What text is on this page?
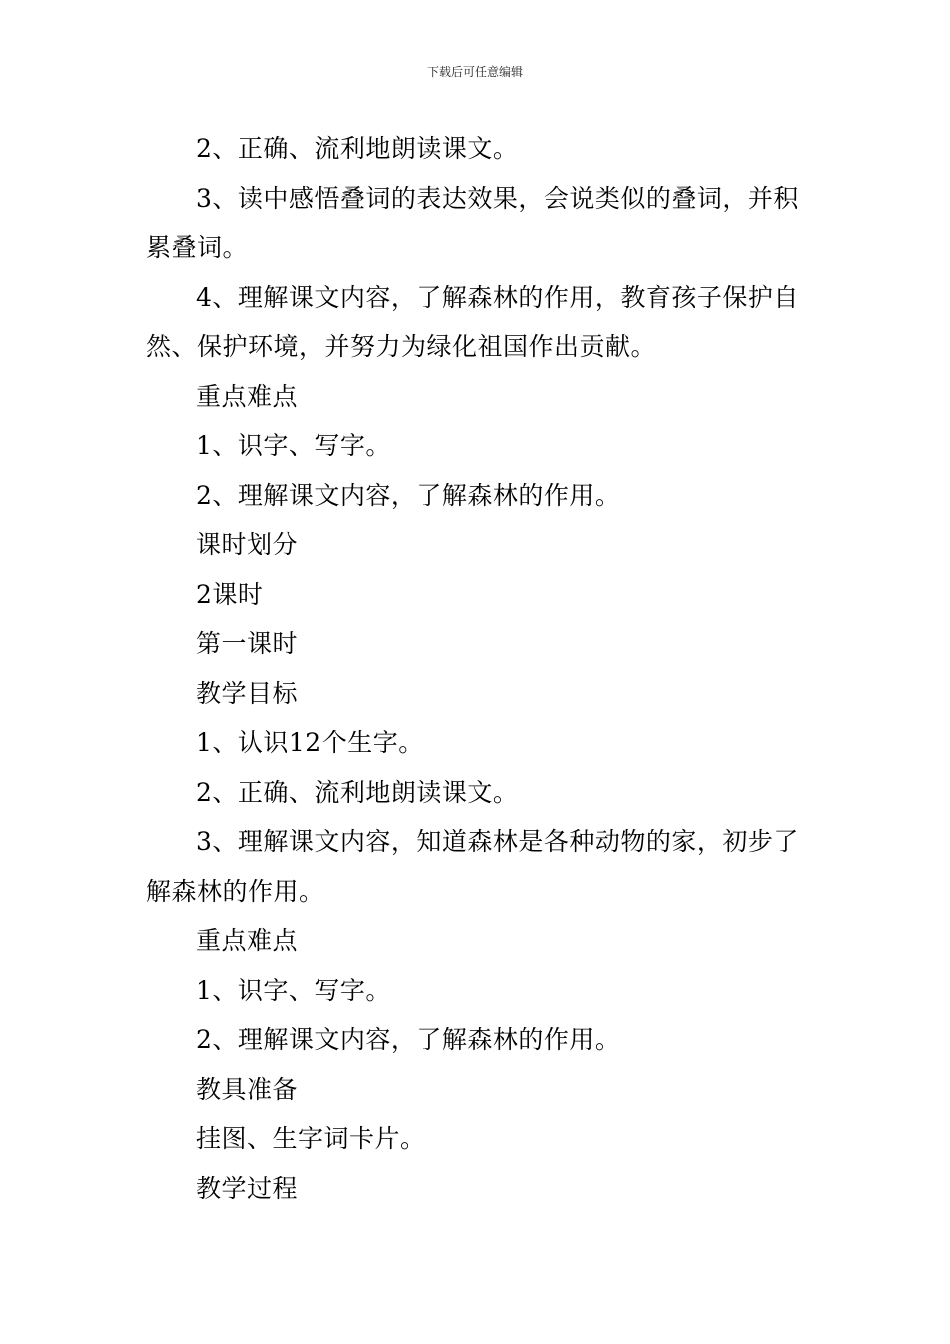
下载后可任意编辑

2、正确、流利地朗读课文。

3、读中感悟叠词的表达效果，会说类似的叠词，并积累叠词。

4、理解课文内容，了解森林的作用，教育孩子保护自然、保护环境，并努力为绿化祖国作出贡献。

重点难点

1、识字、写字。

2、理解课文内容，了解森林的作用。

课时划分

2课时

第一课时

教学目标

1、认识12个生字。

2、正确、流利地朗读课文。

3、理解课文内容，知道森林是各种动物的家，初步了解森林的作用。

重点难点

1、识字、写字。

2、理解课文内容，了解森林的作用。

教具准备

挂图、生字词卡片。

教学过程
